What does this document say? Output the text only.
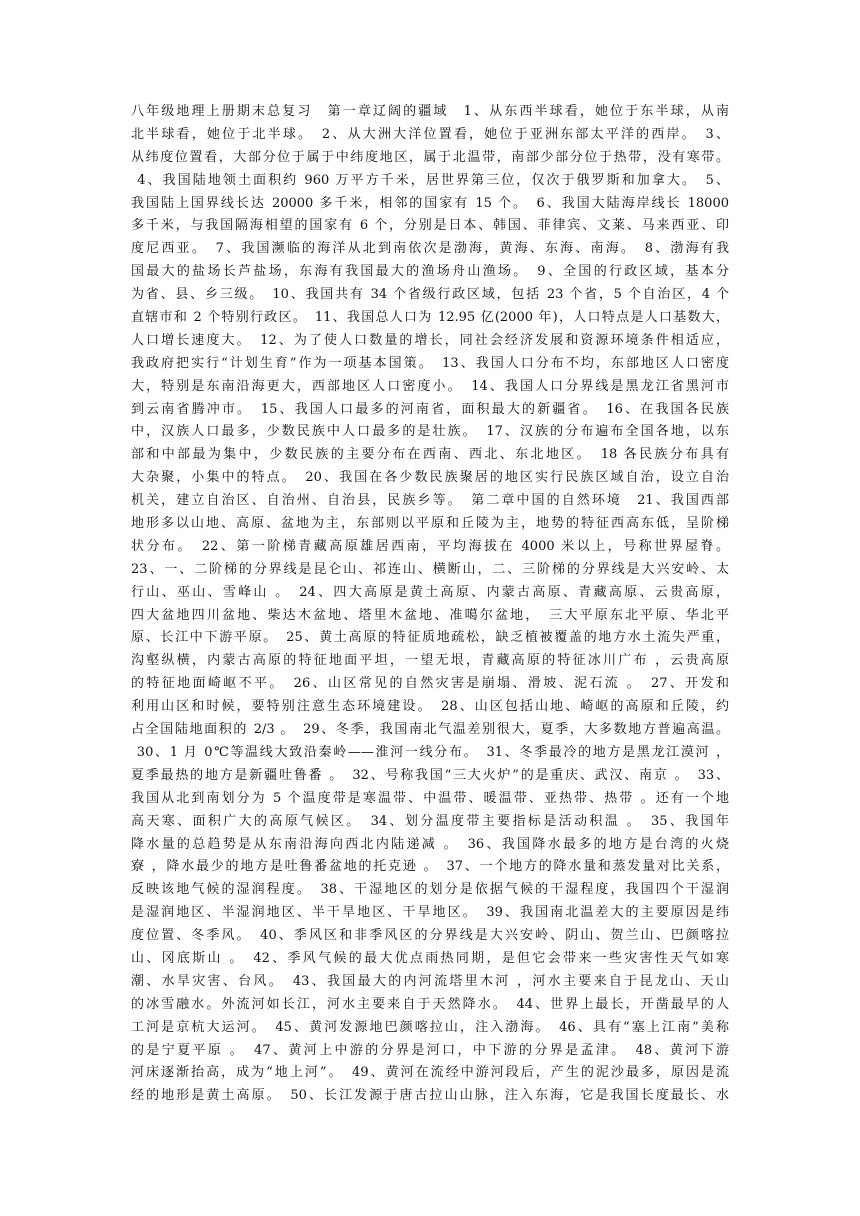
八年级地理上册期末总复习　第一章辽阔的疆域　1、从东西半球看，她位于东半球，从南
北半球看，她位于北半球。　2、从大洲大洋位置看，她位于亚洲东部太平洋的西岸。　3、
从纬度位置看，大部分位于属于中纬度地区，属于北温带，南部少部分位于热带，没有寒带。
4、我国陆地领土面积约 960 万平方千米，居世界第三位，仅次于俄罗斯和加拿大。　5、
我国陆上国界线长达 20000 多千米，相邻的国家有 15 个。　6、我国大陆海岸线长 18000
多千米，与我国隔海相望的国家有 6 个，分别是日本、韩国、菲律宾、文莱、马来西亚、印
度尼西亚。　7、我国濒临的海洋从北到南依次是渤海，黄海、东海、南海。　8、渤海有我
国最大的盐场长芦盐场，东海有我国最大的渔场舟山渔场。　9、全国的行政区域，基本分
为省、县、乡三级。　10、我国共有 34 个省级行政区域，包括 23 个省，5 个自治区，4 个
直辖市和 2 个特别行政区。　11、我国总人口为 12.95 亿(2000 年)，人口特点是人口基数大，
人口增长速度大。　12、为了使人口数量的增长，同社会经济发展和资源环境条件相适应，
我政府把实行“计划生育”作为一项基本国策。　13、我国人口分布不均，东部地区人口密度
大，特别是东南沿海更大，西部地区人口密度小。　14、我国人口分界线是黑龙江省黑河市
到云南省腾冲市。　15、我国人口最多的河南省，面积最大的新疆省。　16、在我国各民族
中，汉族人口最多，少数民族中人口最多的是壮族。　17、汉族的分布遍布全国各地，以东
部和中部最为集中，少数民族的主要分布在西南、西北、东北地区。　18 各民族分布具有
大杂聚，小集中的特点。　20、我国在各少数民族聚居的地区实行民族区域自治，设立自治
机关，建立自治区、自治州、自治县，民族乡等。　第二章中国的自然环境　21、我国西部
地形多以山地、高原、盆地为主，东部则以平原和丘陵为主，地势的特征西高东低，呈阶梯
状分布。　22、第一阶梯青藏高原雄居西南，平均海拔在 4000 米以上，号称世界屋脊。
23、一、二阶梯的分界线是昆仑山、祁连山、横断山，二、三阶梯的分界线是大兴安岭、太
行山、巫山、雪峰山 。　24、四大高原是黄土高原、内蒙古高原、青藏高原、云贵高原，
四大盆地四川盆地、柴达木盆地、塔里木盆地、准噶尔盆地，　三大平原东北平原、华北平
原、长江中下游平原。　25、黄土高原的特征质地疏松，缺乏植被覆盖的地方水土流失严重，
沟壑纵横，内蒙古高原的特征地面平坦，一望无垠，青藏高原的特征冰川广布 ，云贵高原
的特征地面崎岖不平。　26、山区常见的自然灾害是崩塌、滑坡、泥石流 。　27、开发和
利用山区和时候，要特别注意生态环境建设。　28、山区包括山地、崎岖的高原和丘陵，约
占全国陆地面积的 2/3 。　29、冬季，我国南北气温差别很大，夏季，大多数地方普遍高温。
30、1 月 0℃等温线大致沿秦岭——淮河一线分布。　31、冬季最冷的地方是黑龙江漠河 ，
夏季最热的地方是新疆吐鲁番 。　32、号称我国“三大火炉”的是重庆、武汉、南京 。　33、
我国从北到南划分为 5 个温度带是寒温带、中温带、暖温带、亚热带、热带 。还有一个地
高天寒、面积广大的高原气候区。　34、划分温度带主要指标是活动积温 。　35、我国年
降水量的总趋势是从东南沿海向西北内陆递减 。　36、我国降水最多的地方是台湾的火烧
寮 ，降水最少的地方是吐鲁番盆地的托克逊 。　37、一个地方的降水量和蒸发量对比关系，
反映该地气候的湿润程度。　38、干湿地区的划分是依据气候的干湿程度，我国四个干湿润
是湿润地区、半湿润地区、半干旱地区、干旱地区。　39、我国南北温差大的主要原因是纬
度位置、冬季风。　40、季风区和非季风区的分界线是大兴安岭、阴山、贺兰山、巴颜喀拉
山、冈底斯山 。　42、季风气候的最大优点雨热同期，是但它会带来一些灾害性天气如寒
潮、水旱灾害、台风。　43、我国最大的内河流塔里木河 ，河水主要来自于昆龙山、天山
的冰雪融水。外流河如长江，河水主要来自于天然降水。　44、世界上最长，开凿最早的人
工河是京杭大运河。　45、黄河发源地巴颜喀拉山，注入渤海。　46、具有“塞上江南”美称
的是宁夏平原 。　47、黄河上中游的分界是河口，中下游的分界是孟津。　48、黄河下游
河床逐渐抬高，成为“地上河”。　49、黄河在流经中游河段后，产生的泥沙最多，原因是流
经的地形是黄土高原。　50、长江发源于唐古拉山山脉，注入东海，它是我国长度最长、水
